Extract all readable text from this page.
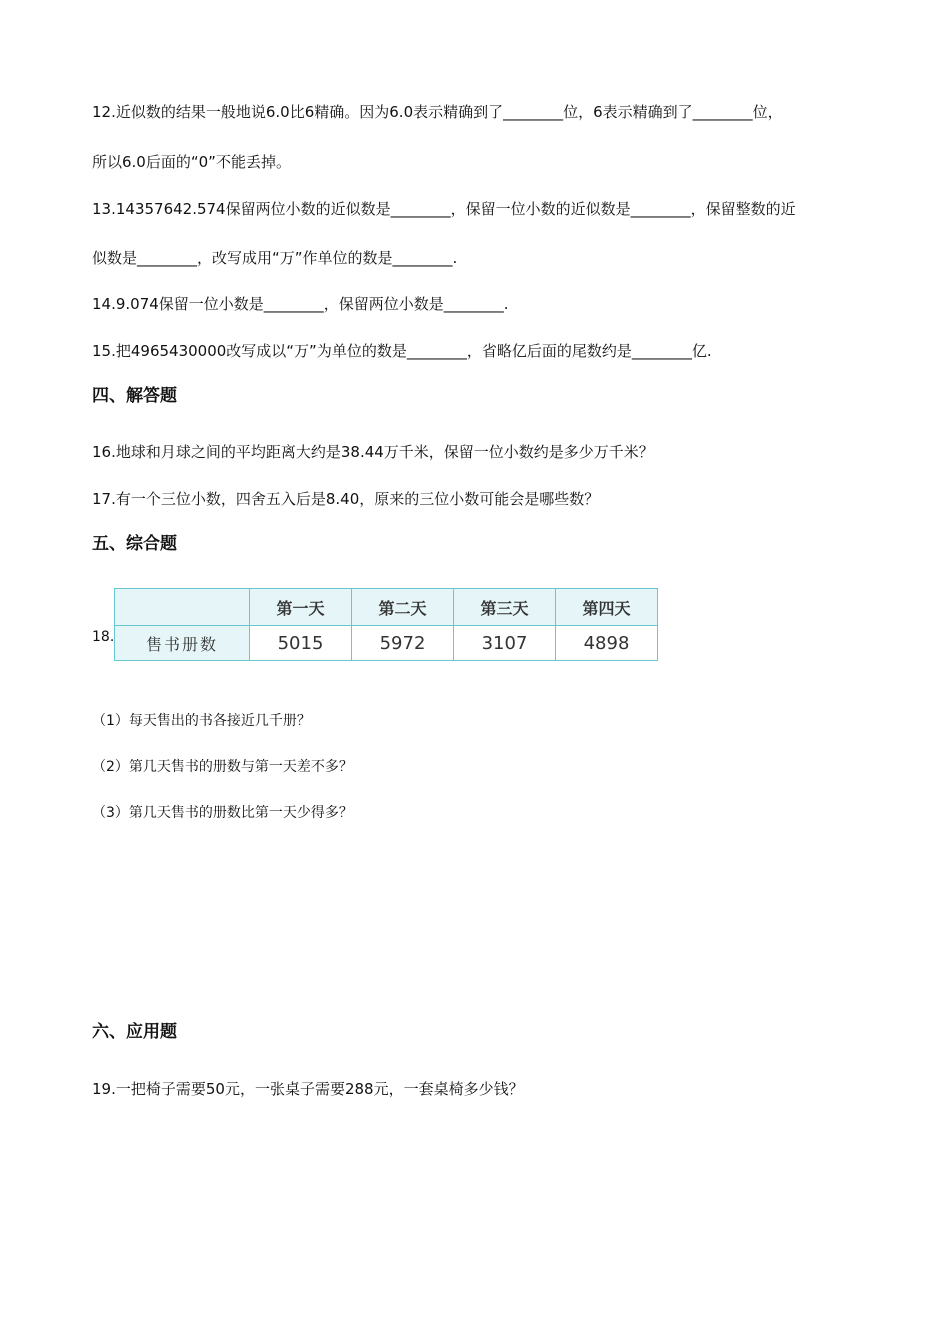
12.近似数的结果一般地说6.0比6精确。因为6.0表示精确到了________位，6表示精确到了________位，
所以6.0后面的“0”不能丢掉。
13.14357642.574保留两位小数的近似数是________，保留一位小数的近似数是________，保留整数的近
似数是________，改写成用“万”作单位的数是________.
14.9.074保留一位小数是________，保留两位小数是________.
15.把4965430000改写成以“万”为单位的数是________，省略亿后面的尾数约是________亿.
四、解答题
16.地球和月球之间的平均距离大约是38.44万千米，保留一位小数约是多少万千米？
17.有一个三位小数，四舍五入后是8.40，原来的三位小数可能会是哪些数？
五、综合题
18.
	第一天	第二天	第三天	第四天
售书册数	5015	5972	3107	4898
（1）每天售出的书各接近几千册？
（2）第几天售书的册数与第一天差不多？
（3）第几天售书的册数比第一天少得多？
六、应用题
19.一把椅子需要50元，一张桌子需要288元，一套桌椅多少钱？
